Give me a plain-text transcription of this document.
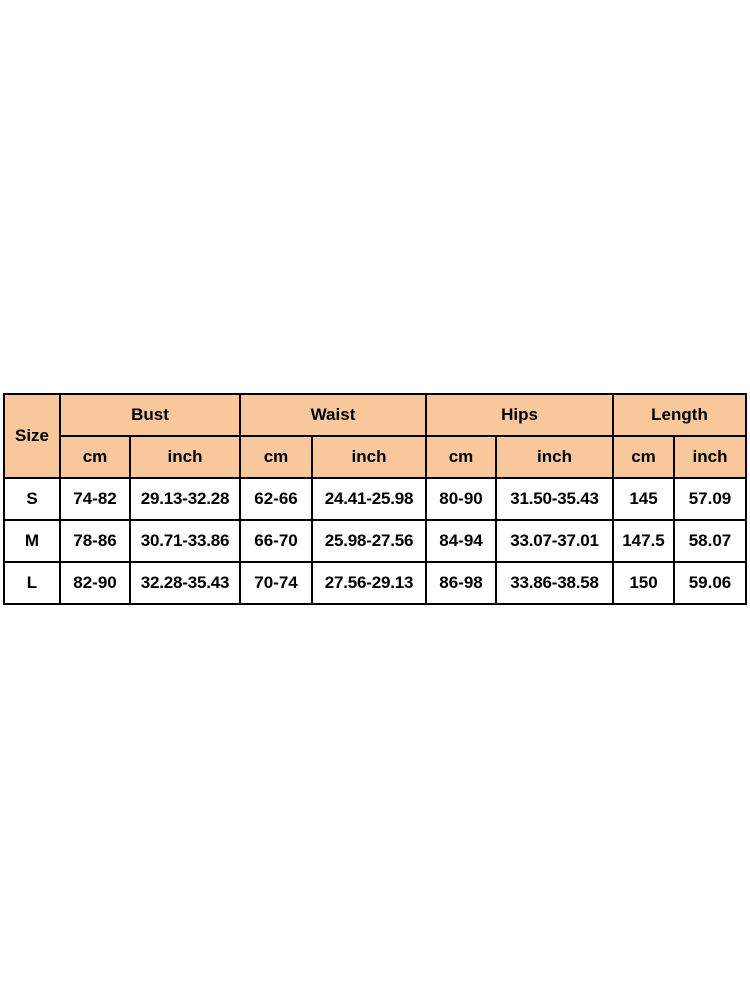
Size	Bust		Waist		Hips		Length	
	cm	inch	cm	inch	cm	inch	cm	inch
S	74-82	29.13-32.28	62-66	24.41-25.98	80-90	31.50-35.43	145	57.09
M	78-86	30.71-33.86	66-70	25.98-27.56	84-94	33.07-37.01	147.5	58.07
L	82-90	32.28-35.43	70-74	27.56-29.13	86-98	33.86-38.58	150	59.06
